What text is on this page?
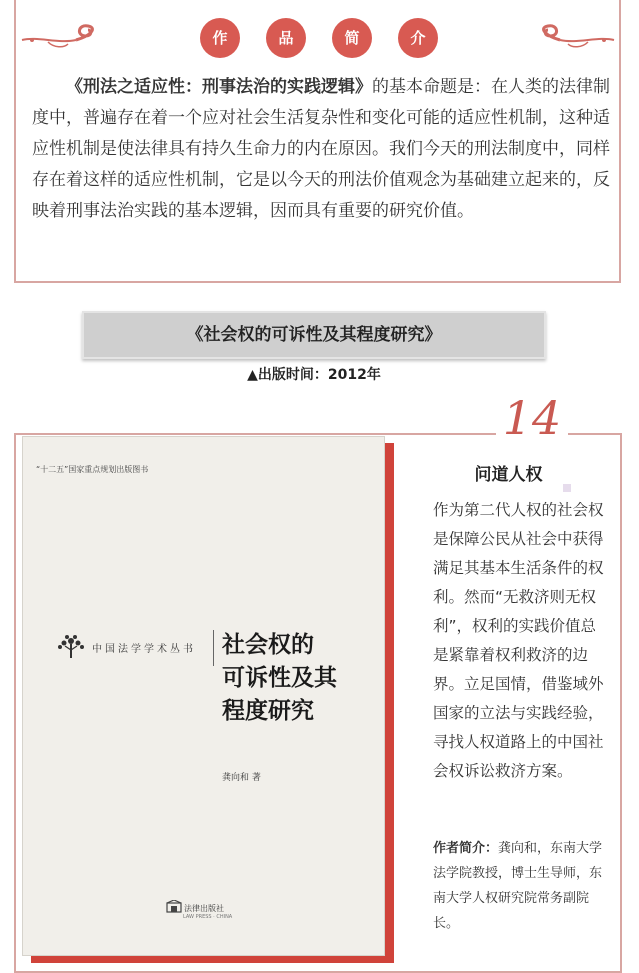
作	品	简	介

《刑法之适应性：刑事法治的实践逻辑》的基本命题是：在人类的法律制度中，普遍存在着一个应对社会生活复杂性和变化可能的适应性机制，这种适应性机制是使法律具有持久生命力的内在原因。我们今天的刑法制度中，同样存在着这样的适应性机制，它是以今天的刑法价值观念为基础建立起来的，反映着刑事法治实践的基本逻辑，因而具有重要的研究价值。

《社会权的可诉性及其程度研究》
▲出版时间：2012年
14
“十二五”国家重点规划出版图书
中国法学学术丛书 社会权的
可诉性及其
程度研究
龚向和 著
法律出版社
LAW PRESS · CHINA
问道人权

作为第二代人权的社会权是保障公民从社会中获得满足其基本生活条件的权利。然而“无救济则无权利”，权利的实践价值总是紧靠着权利救济的边界。立足国情，借鉴域外国家的立法与实践经验，寻找人权道路上的中国社会权诉讼救济方案。

作者简介：龚向和，东南大学法学院教授，博士生导师，东南大学人权研究院常务副院长。
